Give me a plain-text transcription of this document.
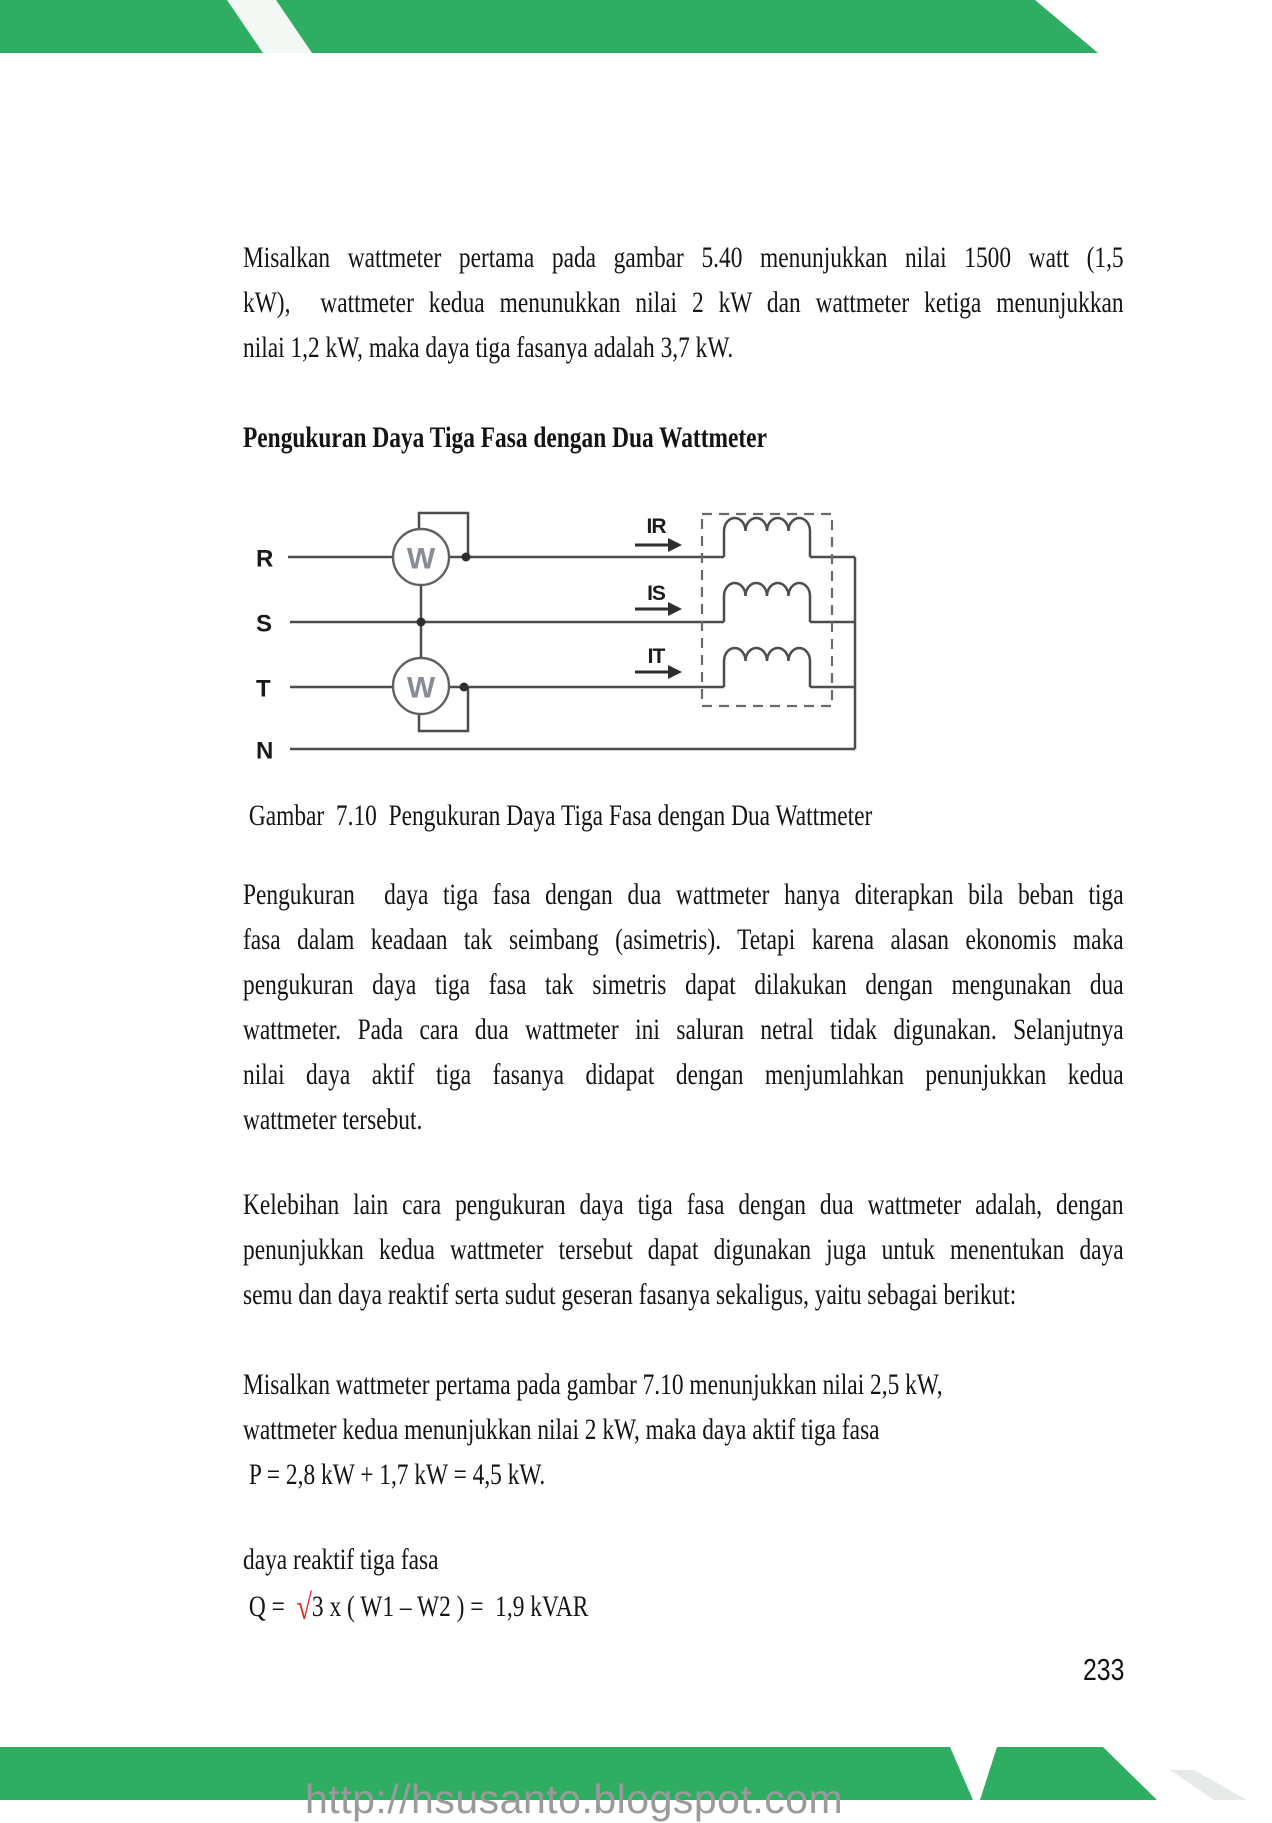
Misalkan wattmeter pertama pada gambar 5.40 menunjukkan nilai 1500 watt (1,5
kW),  wattmeter kedua menunukkan nilai 2 kW dan wattmeter ketiga menunjukkan
nilai 1,2 kW, maka daya tiga fasanya adalah 3,7 kW.
Pengukuran Daya Tiga Fasa dengan Dua Wattmeter
W
W
R
S
T
N
IR
IS
IT
Gambar  7.10  Pengukuran Daya Tiga Fasa dengan Dua Wattmeter
Pengukuran  daya tiga fasa dengan dua wattmeter hanya diterapkan bila beban tiga
fasa dalam keadaan tak seimbang (asimetris). Tetapi karena alasan ekonomis maka
pengukuran daya tiga fasa tak simetris dapat dilakukan dengan mengunakan dua
wattmeter. Pada cara dua wattmeter ini saluran netral tidak digunakan. Selanjutnya
nilai daya aktif tiga fasanya didapat dengan menjumlahkan penunjukkan kedua
wattmeter tersebut.
Kelebihan lain cara pengukuran daya tiga fasa dengan dua wattmeter adalah, dengan
penunjukkan kedua wattmeter tersebut dapat digunakan juga untuk menentukan daya
semu dan daya reaktif serta sudut geseran fasanya sekaligus, yaitu sebagai berikut:
Misalkan wattmeter pertama pada gambar 7.10 menunjukkan nilai 2,5 kW,
wattmeter kedua menunjukkan nilai 2 kW, maka daya aktif tiga fasa
P = 2,8 kW + 1,7 kW = 4,5 kW.
daya reaktif tiga fasa
Q =  √3 x ( W1 – W2 ) =  1,9 kVAR
233
http://hsusanto.blogspot.com
